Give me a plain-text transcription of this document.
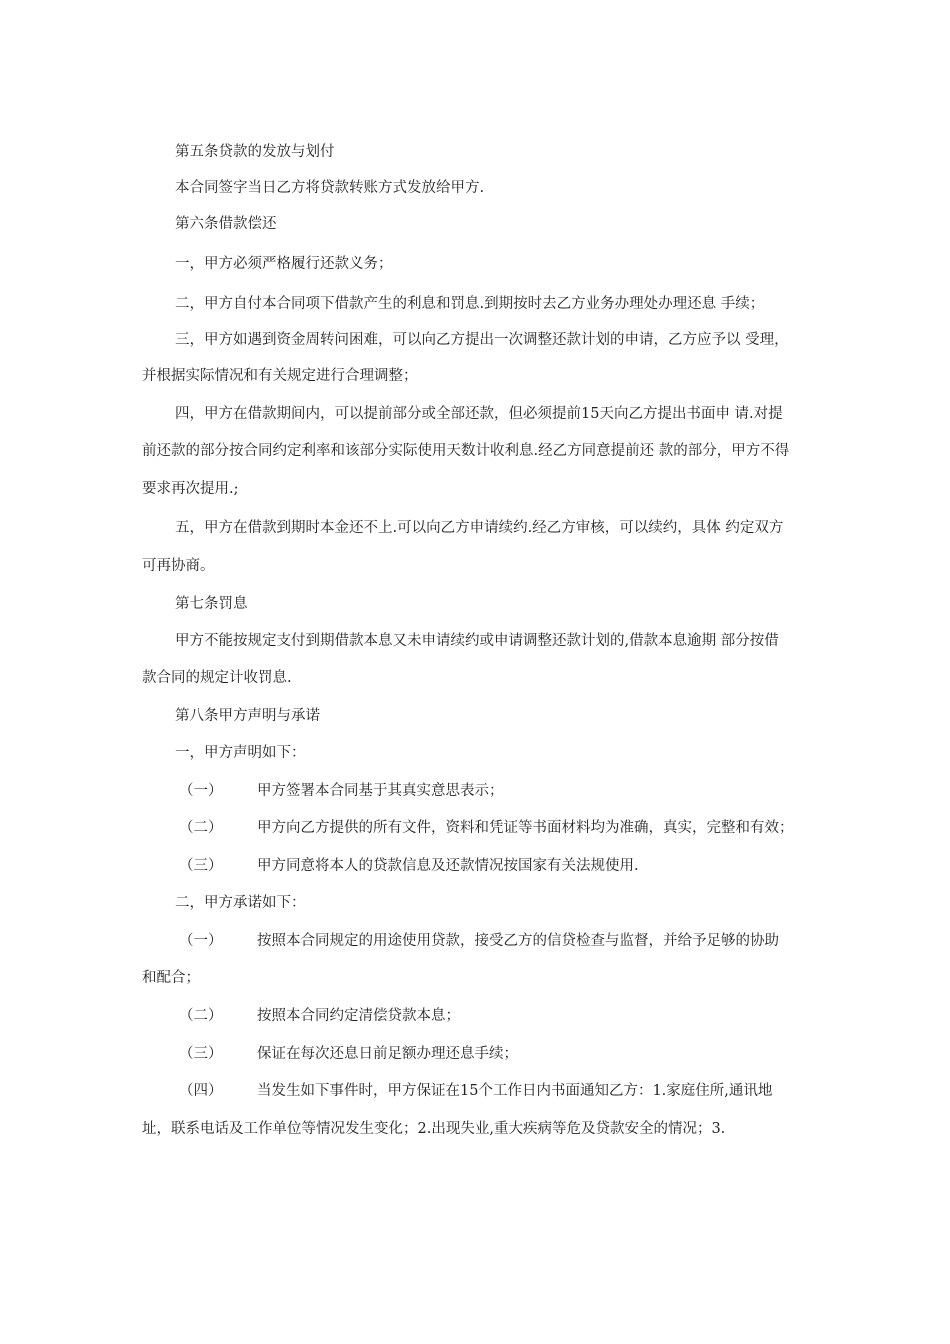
第五条贷款的发放与划付
本合同签字当日乙方将贷款转账方式发放给甲方.
第六条借款偿还
一，甲方必须严格履行还款义务；
二，甲方自付本合同项下借款产生的利息和罚息.到期按时去乙方业务办理处办理还息 手续；
三，甲方如遇到资金周转问困难，可以向乙方提出一次调整还款计划的申请，乙方应予以 受理，
并根据实际情况和有关规定进行合理调整；
四，甲方在借款期间内，可以提前部分或全部还款，但必须提前15天向乙方提出书面申 请.对提
前还款的部分按合同约定利率和该部分实际使用天数计收利息.经乙方同意提前还 款的部分，甲方不得
要求再次提用.;
五，甲方在借款到期时本金还不上.可以向乙方申请续约.经乙方审核，可以续约，具体 约定双方
可再协商。
第七条罚息
甲方不能按规定支付到期借款本息又未申请续约或申请调整还款计划的,借款本息逾期 部分按借
款合同的规定计收罚息.
第八条甲方声明与承诺
一，甲方声明如下：
（一） 甲方签署本合同基于其真实意思表示；
（二） 甲方向乙方提供的所有文件，资料和凭证等书面材料均为准确，真实，完整和有效；
（三） 甲方同意将本人的贷款信息及还款情况按国家有关法规使用.
二，甲方承诺如下：
（一） 按照本合同规定的用途使用贷款，接受乙方的信贷检查与监督，并给予足够的协助
和配合；
（二） 按照本合同约定清偿贷款本息；
（三） 保证在每次还息日前足额办理还息手续；
（四） 当发生如下事件时，甲方保证在15个工作日内书面通知乙方：1.家庭住所,通讯地
址，联系电话及工作单位等情况发生变化；2.出现失业,重大疾病等危及贷款安全的情况；3.
